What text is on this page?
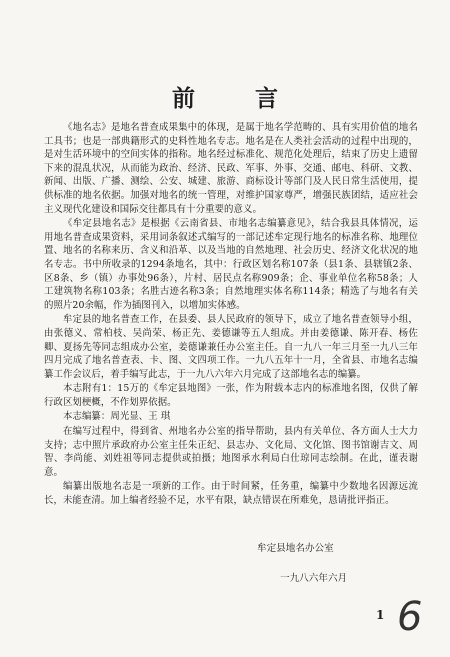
前 言

《地名志》是地名普查成果集中的体现，是属于地名学范畴的、具有实用价值的地名工具书；也是一部典籍形式的史料性地名专志。地名是在人类社会活动的过程中出现的，是对生活环境中的空间实体的指称。地名经过标准化、规范化处理后，结束了历史上遗留下来的混乱状况，从而能为政治、经济、民政、军事、外事、交通、邮电、科研、文教、新闻、出版、广播、测绘、公安、城建、旅游、商标设计等部门及人民日常生活使用，提供标准的地名依据。加强对地名的统一管理，对维护国家尊严，增强民族团结，适应社会主义现代化建设和国际交往都具有十分重要的意义。

《牟定县地名志》是根据《云南省县、市地名志编纂意见》，结合我县具体情况，运用地名普查成果资料，采用词条叙述式编写的一部记述牟定现行地名的标准名称、地理位置、地名的名称来历、含义和沿革、以及当地的自然地理、社会历史、经济文化状况的地名专志。书中所收录的1294条地名，其中：行政区划名称107条（县1条、县辖镇2条、区8条、乡（镇）办事处96条），片村、居民点名称909条；企、事业单位名称58条；人工建筑物名称103条；名胜古迹名称3条；自然地理实体名称114条；精选了与地名有关的照片20余幅，作为插图刊入，以增加实体感。

牟定县的地名普查工作，在县委、县人民政府的领导下，成立了地名普查领导小组，由张德义、常柏枝、吴尚荣、杨正先、姜德谦等五人组成。并由姜德谦、陈开春、杨佐卿、夏扬先等同志组成办公室，姜德谦兼任办公室主任。自一九八一年三月至一九八三年四月完成了地名普查表、卡、图、文四项工作。一九八五年十一月，全省县、市地名志编纂工作会议后，着手编写此志，于一九八六年六月完成了这部地名志的编纂。

本志附有1：15万的《牟定县地图》一张，作为附载本志内的标准地名图，仅供了解行政区划梗概，不作划界依据。

本志编纂：周光显、王 琪

在编写过程中，得到省、州地名办公室的指导帮助，县内有关单位、各方面人士大力支持；志中照片承政府办公室主任朱正纪、县志办、文化局、文化馆、图书馆谢吉文、周智、李尚能、刘姓祖等同志提供或拍摄；地图承水利局白仕琼同志绘制。在此，谨表谢意。

编纂出版地名志是一项新的工作。由于时间紧，任务重，编纂中少数地名因源远流长，未能查清。加上编者经验不足，水平有限，缺点错误在所难免，恳请批评指正。

牟定县地名办公室
一九八六年六月
1 6
